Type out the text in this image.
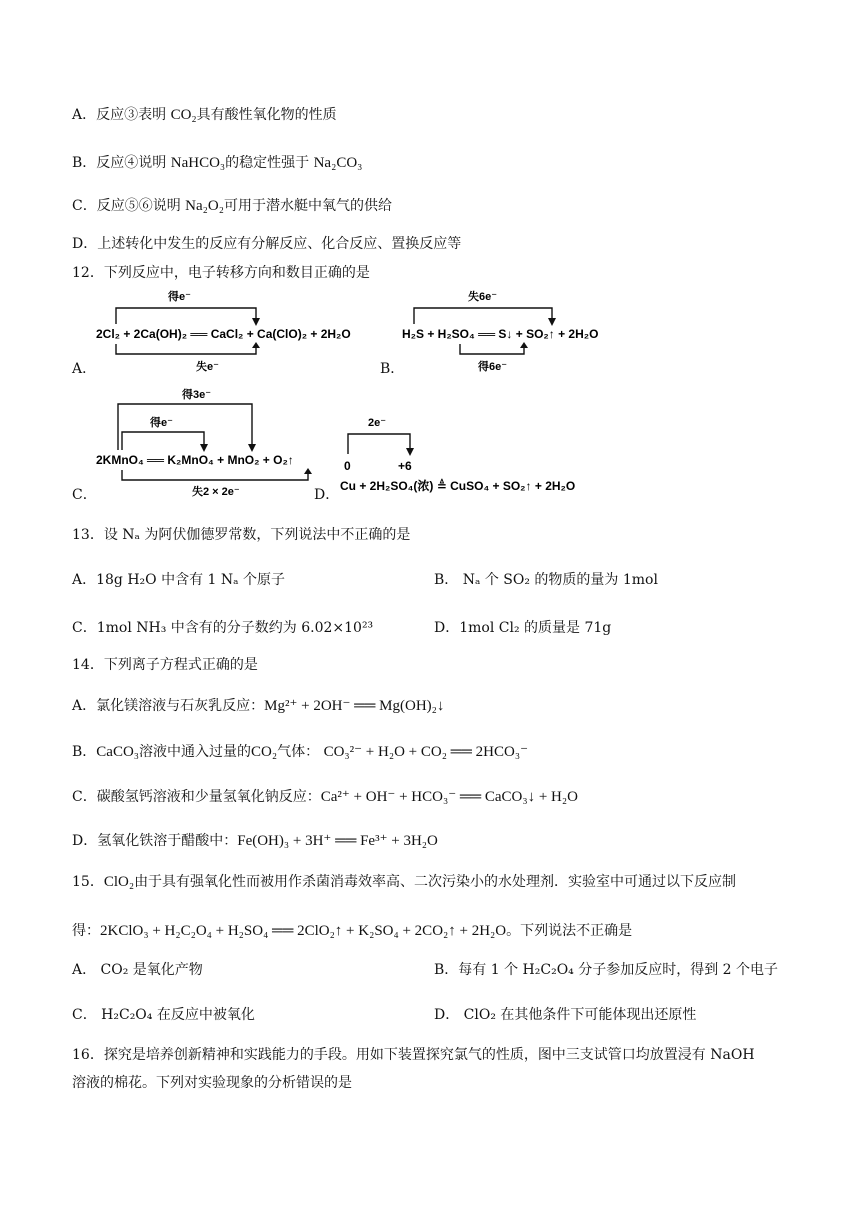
A．反应③表明 CO₂具有酸性氧化物的性质
B．反应④说明 NaHCO₃的稳定性强于 Na₂CO₃
C．反应⑤⑥说明 Na₂O₂可用于潜水艇中氧气的供给
D．上述转化中发生的反应有分解反应、化合反应、置换反应等
12．下列反应中，电子转移方向和数目正确的是
得e⁻
2Cl₂ + 2Ca(OH)₂ ══ CaCl₂ + Ca(ClO)₂ + 2H₂O
失e⁻
A．
失6e⁻
H₂S + H₂SO₄ ══ S↓ + SO₂↑ + 2H₂O
得6e⁻
B．
得3e⁻
得e⁻
2KMnO₄ ══ K₂MnO₄ + MnO₂ + O₂↑
失2 × 2e⁻
C．
2e⁻
0	+6
Cu + 2H₂SO₄(浓) ≜ CuSO₄ + SO₂↑ + 2H₂O
D．
13．设 Nₐ 为阿伏伽德罗常数，下列说法中不正确的是
A．18g H₂O 中含有 1 Nₐ 个原子	B． Nₐ 个 SO₂ 的物质的量为 1mol
C．1mol NH₃ 中含有的分子数约为 6.02×10²³	D．1mol Cl₂ 的质量是 71g
14．下列离子方程式正确的是
A．氯化镁溶液与石灰乳反应：Mg²⁺ + 2OH⁻ ══ Mg(OH)₂↓
B．CaCO₃溶液中通入过量的CO₂气体： CO₃²⁻ + H₂O + CO₂ ══ 2HCO₃⁻
C．碳酸氢钙溶液和少量氢氧化钠反应：Ca²⁺ + OH⁻ + HCO₃⁻ ══ CaCO₃↓ + H₂O
D．氢氧化铁溶于醋酸中：Fe(OH)₃ + 3H⁺ ══ Fe³⁺ + 3H₂O
15．ClO₂由于具有强氧化性而被用作杀菌消毒效率高、二次污染小的水处理剂．实验室中可通过以下反应制
得：2KClO₃ + H₂C₂O₄ + H₂SO₄ ══ 2ClO₂↑ + K₂SO₄ + 2CO₂↑ + 2H₂O。下列说法不正确是
A． CO₂ 是氧化产物	B．每有 1 个 H₂C₂O₄ 分子参加反应时，得到 2 个电子
C． H₂C₂O₄ 在反应中被氧化	D． ClO₂ 在其他条件下可能体现出还原性
16．探究是培养创新精神和实践能力的手段。用如下装置探究氯气的性质，图中三支试管口均放置浸有 NaOH
溶液的棉花。下列对实验现象的分析错误的是
